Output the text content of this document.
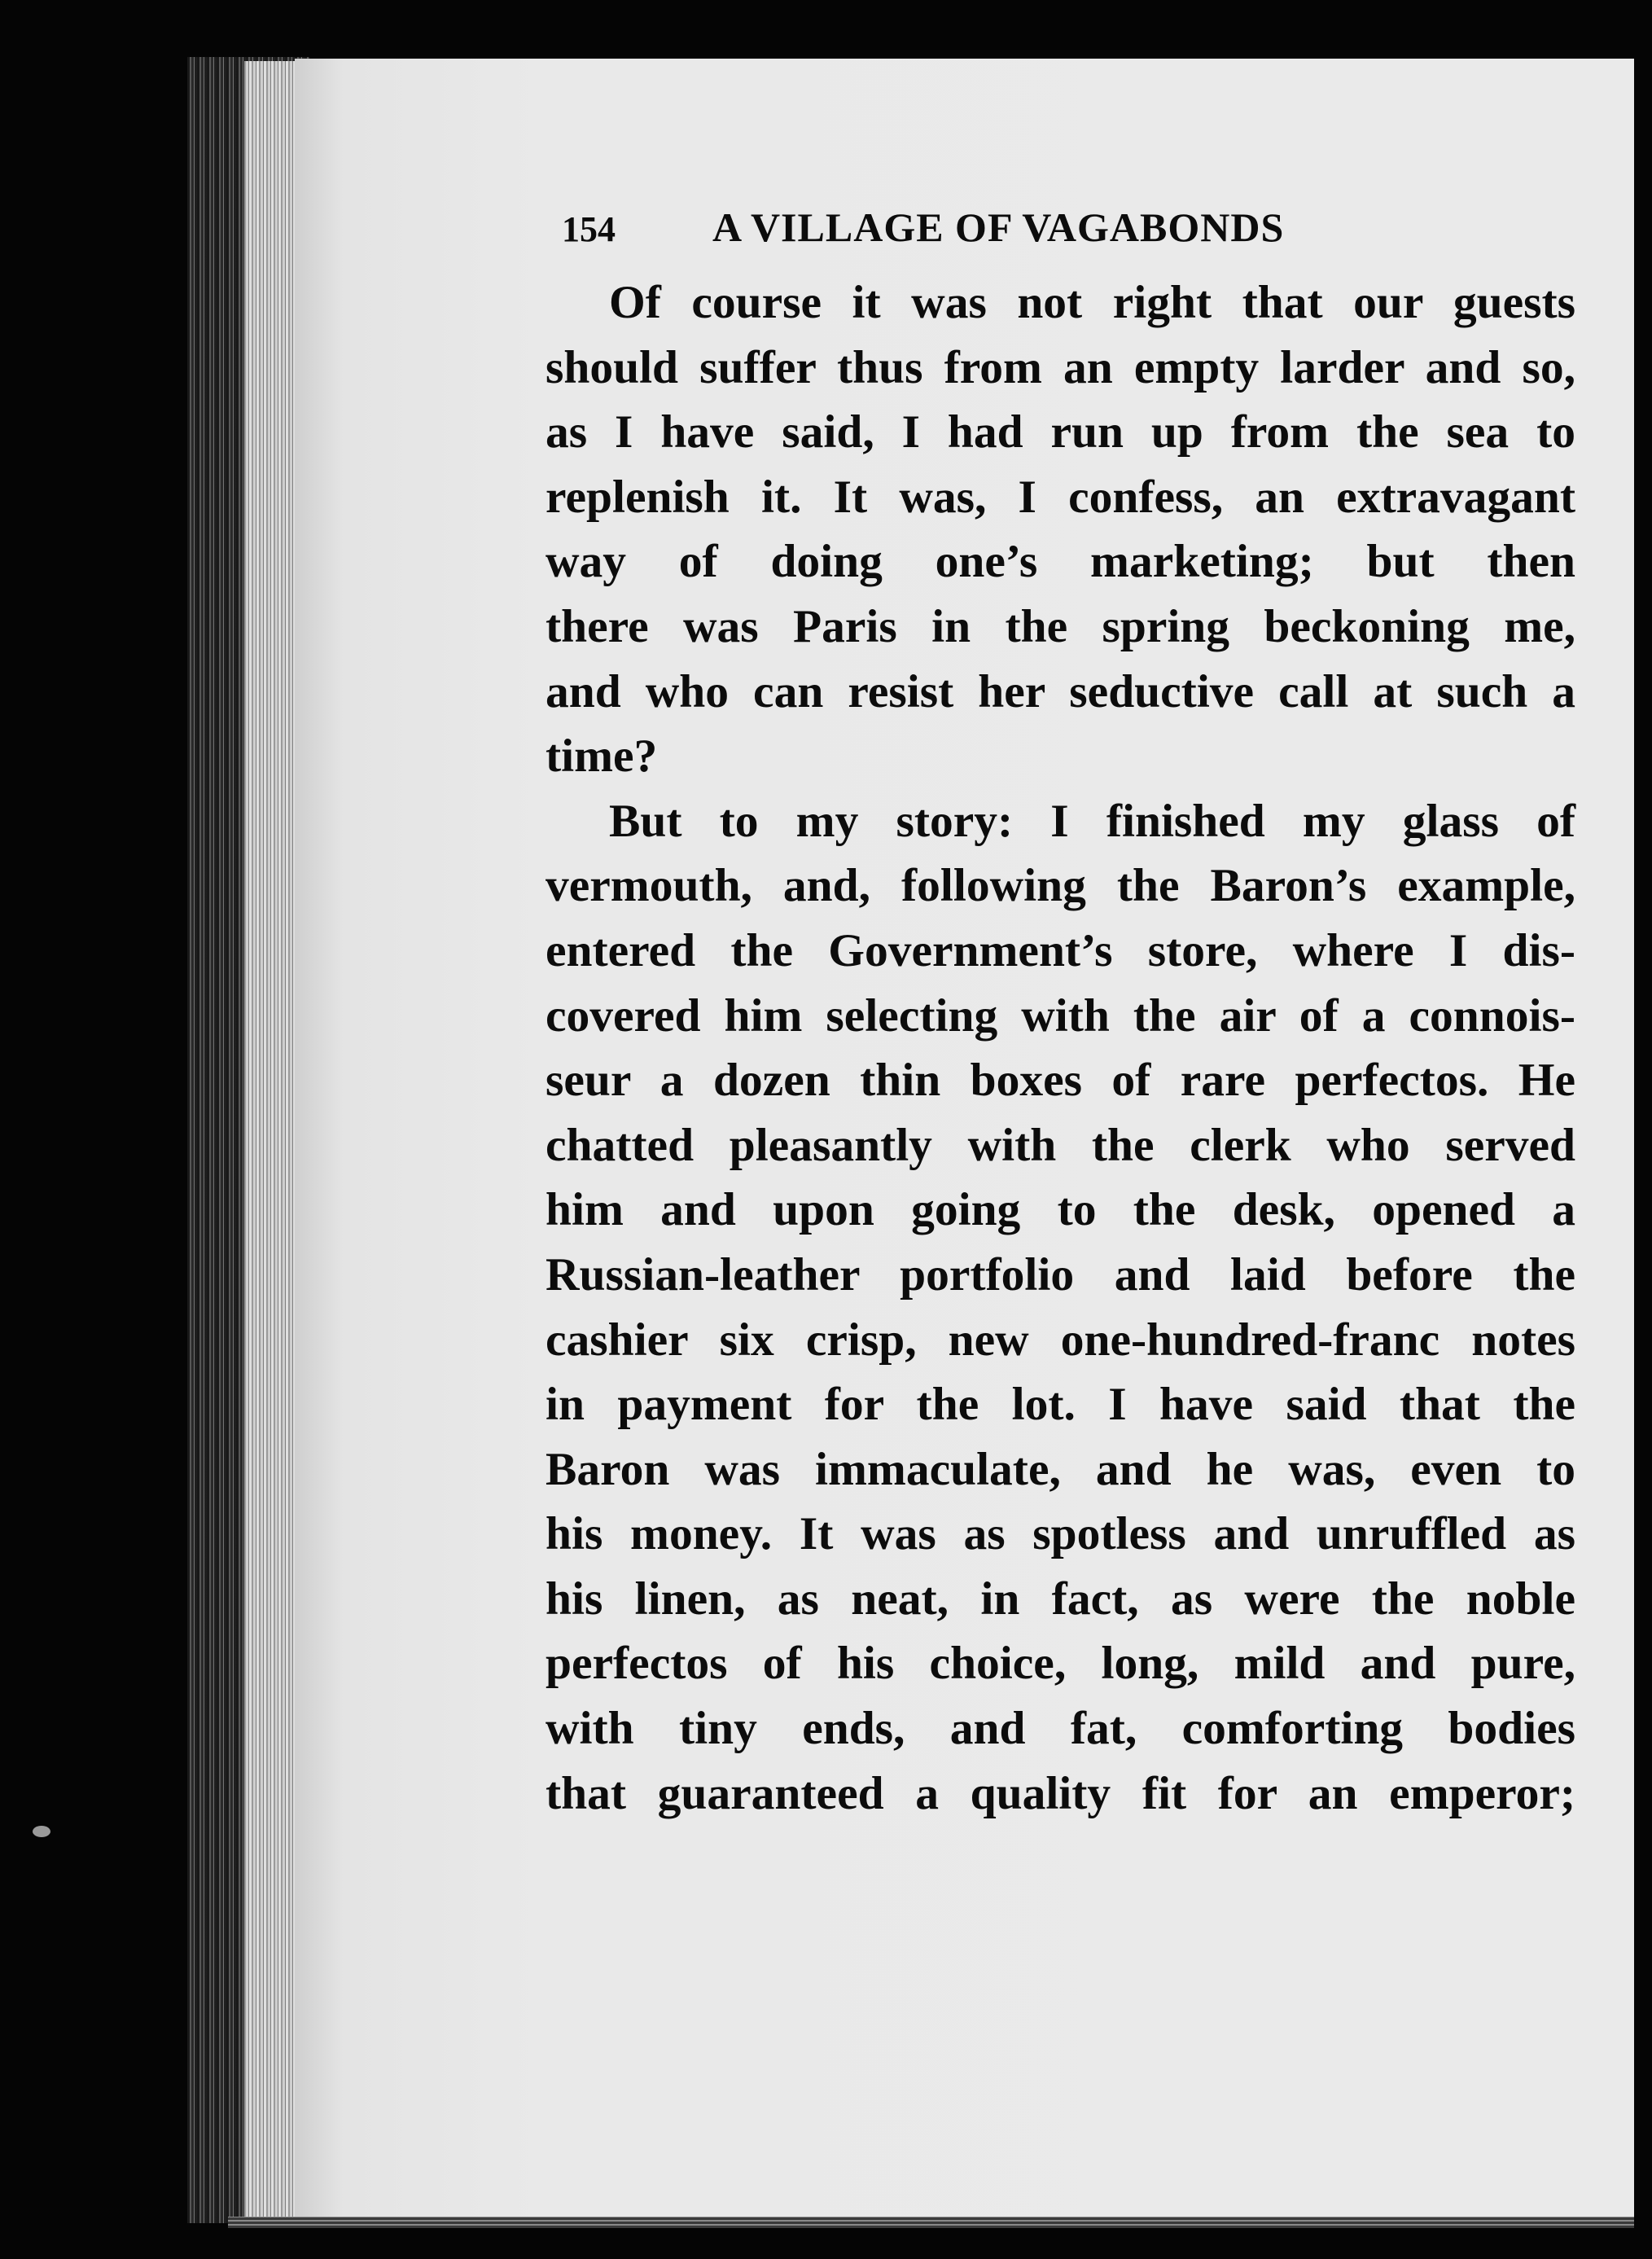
154 A VILLAGE OF VAGABONDS
Of course it was not right that our guests
should suffer thus from an empty larder and so,
as I have said, I had run up from the sea to
replenish it. It was, I confess, an extravagant
way of doing one’s marketing; but then
there was Paris in the spring beckoning me,
and who can resist her seductive call at such a
time?
But to my story: I finished my glass of
vermouth, and, following the Baron’s example,
entered the Government’s store, where I dis-
covered him selecting with the air of a connois-
seur a dozen thin boxes of rare perfectos. He
chatted pleasantly with the clerk who served
him and upon going to the desk, opened a
Russian-leather portfolio and laid before the
cashier six crisp, new one-hundred-franc notes
in payment for the lot. I have said that the
Baron was immaculate, and he was, even to
his money. It was as spotless and unruffled as
his linen, as neat, in fact, as were the noble
perfectos of his choice, long, mild and pure,
with tiny ends, and fat, comforting bodies
that guaranteed a quality fit for an emperor;
